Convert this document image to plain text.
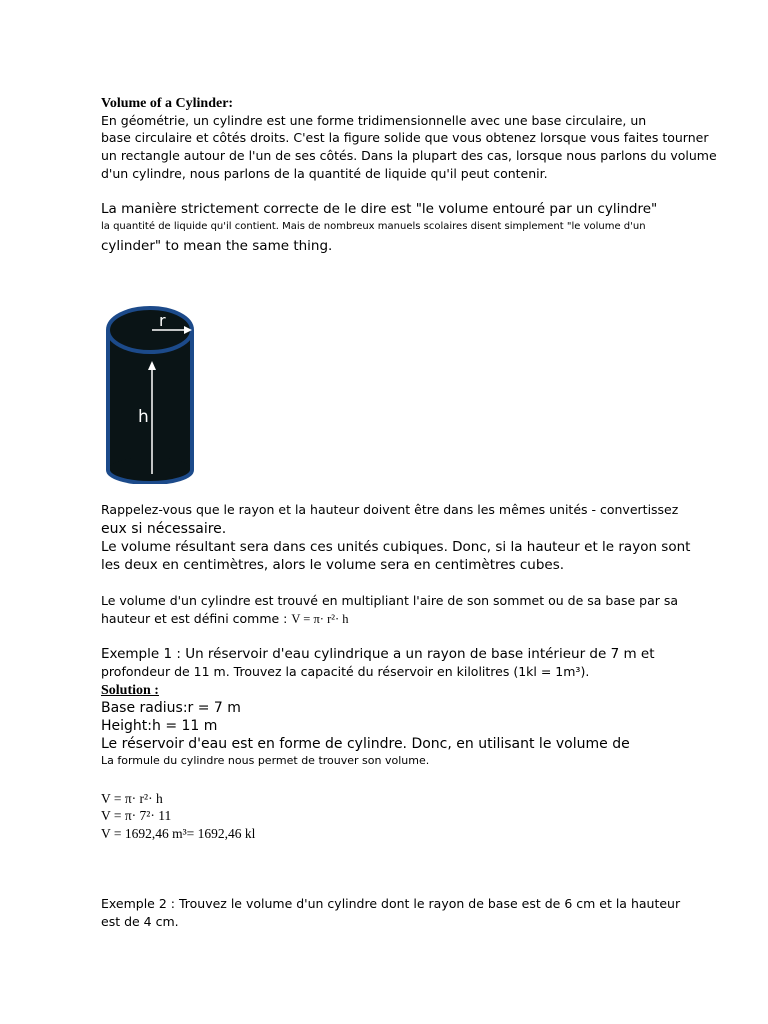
Volume of a Cylinder:
En géométrie, un cylindre est une forme tridimensionnelle avec une base circulaire, un
base circulaire et côtés droits. C'est la figure solide que vous obtenez lorsque vous faites tourner
un rectangle autour de l'un de ses côtés. Dans la plupart des cas, lorsque nous parlons du volume
d'un cylindre, nous parlons de la quantité de liquide qu'il peut contenir.
La manière strictement correcte de le dire est "le volume entouré par un cylindre"
la quantité de liquide qu'il contient. Mais de nombreux manuels scolaires disent simplement "le volume d'un
cylinder" to mean the same thing.
r
h
Rappelez-vous que le rayon et la hauteur doivent être dans les mêmes unités - convertissez
eux si nécessaire.
Le volume résultant sera dans ces unités cubiques. Donc, si la hauteur et le rayon sont
les deux en centimètres, alors le volume sera en centimètres cubes.
Le volume d'un cylindre est trouvé en multipliant l'aire de son sommet ou de sa base par sa
hauteur et est défini comme : V = π· r²· h
Exemple 1 : Un réservoir d'eau cylindrique a un rayon de base intérieur de 7 m et
profondeur de 11 m. Trouvez la capacité du réservoir en kilolitres (1kl = 1m³).
Solution :
Base radius:r = 7 m
Height:h = 11 m
Le réservoir d'eau est en forme de cylindre. Donc, en utilisant le volume de
La formule du cylindre nous permet de trouver son volume.
V = π· r²· h
V = π· 7²· 11
V = 1692,46 m³= 1692,46 kl
Exemple 2 : Trouvez le volume d'un cylindre dont le rayon de base est de 6 cm et la hauteur
est de 4 cm.
